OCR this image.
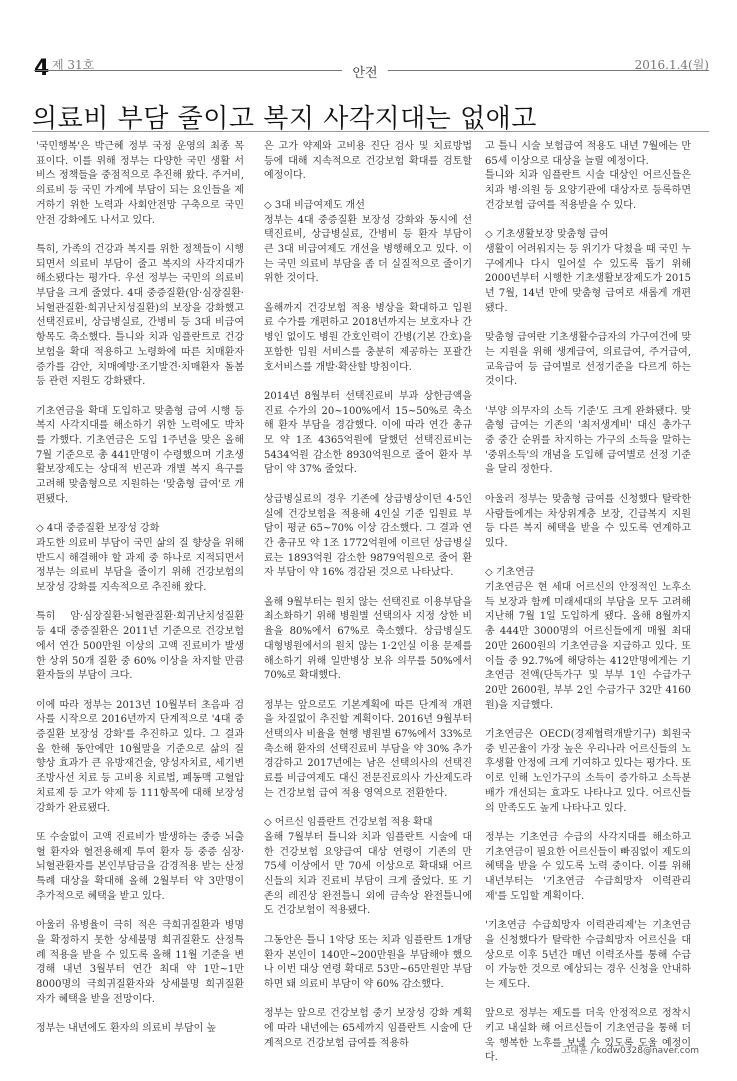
4 제 31호	2016.1.4(월)
안전
의료비 부담 줄이고 복지 사각지대는 없애고

'국민행복'은 박근혜 정부 국정 운영의 최종 목표이다. 이를 위해 정부는 다양한 국민 생활 서비스 정책들을 중점적으로 추진해 왔다. 주거비, 의료비 등 국민 가계에 부담이 되는 요인들을 제거하기 위한 노력과 사회안전망 구축으로 국민안전 강화에도 나서고 있다.

특히, 가족의 건강과 복지를 위한 정책들이 시행되면서 의료비 부담이 줄고 복지의 사각지대가 해소됐다는 평가다. 우선 정부는 국민의 의료비 부담을 크게 줄였다. 4대 중증질환(암·심장질환·뇌혈관질환·희귀난치성질환)의 보장을 강화했고 선택진료비, 상급병실료, 간병비 등 3대 비급여 항목도 축소했다. 틀니와 치과 임플란트로 건강보험을 확대 적용하고 노령화에 따른 치매환자 증가를 감안, 치매예방·조기발견·치매환자 돌봄 등 관련 지원도 강화됐다.

기초연금을 확대 도입하고 맞춤형 급여 시행 등 복지 사각지대를 해소하기 위한 노력에도 박차를 가했다. 기초연금은 도입 1주년을 맞은 올해 7월 기준으로 총 441만명이 수령했으며 기초생활보장제도는 상대적 빈곤과 개별 복지 욕구를 고려해 맞춤형으로 지원하는 '맞춤형 급여'로 개편됐다.

◇ 4대 중증질환 보장성 강화

과도한 의료비 부담이 국민 삶의 질 향상을 위해 반드시 해결해야 할 과제 중 하나로 지적되면서 정부는 의료비 부담을 줄이기 위해 건강보험의 보장성 강화를 지속적으로 추진해 왔다.

특히 암·심장질환·뇌혈관질환·희귀난치성질환 등 4대 중증질환은 2011년 기준으로 건강보험에서 연간 500만원 이상의 고액 진료비가 발생한 상위 50개 질환 중 60% 이상을 차지할 만큼 환자들의 부담이 크다.

이에 따라 정부는 2013년 10월부터 초음파 검사를 시작으로 2016년까지 단계적으로 '4대 중증질환 보장성 강화'를 추진하고 있다. 그 결과 올 한해 동안에만 10월말을 기준으로 삶의 질 향상 효과가 큰 유방재건술, 양성자치료, 세기변조방사선 치료 등 고비용 치료법, 폐동맥 고혈압 치료제 등 고가 약제 등 111항목에 대해 보장성 강화가 완료됐다.

또 수술없이 고액 진료비가 발생하는 중증 뇌출혈 환자와 혈전용해제 투여 환자 등 중증 심장·뇌혈관환자를 본인부담금을 감경적용 받는 산정특례 대상을 확대해 올해 2월부터 약 3만명이 추가적으로 혜택을 받고 있다.

아울러 유병율이 극히 적은 극희귀질환과 병명을 확정하지 못한 상세불명 희귀질환도 산정특례 적용을 받을 수 있도록 올해 11월 기준을 변경해 내년 3월부터 연간 최대 약 1만~1만 8000명의 극희귀질환자와 상세불명 희귀질환자가 혜택을 받을 전망이다.

정부는 내년에도 환자의 의료비 부담이 높

은 고가 약제와 고비용 진단 검사 및 치료방법 등에 대해 지속적으로 건강보험 확대를 검토할 예정이다.

◇ 3대 비급여제도 개선

정부는 4대 중증질환 보장성 강화와 동시에 선택진료비, 상급병실료, 간병비 등 환자 부담이 큰 3대 비급여제도 개선을 병행해오고 있다. 이는 국민 의료비 부담을 좀 더 실질적으로 줄이기 위한 것이다.

올해까지 건강보험 적용 병상을 확대하고 입원료 수가를 개편하고 2018년까지는 보호자나 간병인 없이도 병원 간호인력이 간병(기본 간호)을 포함한 입원 서비스를 충분히 제공하는 포괄간호서비스를 개발·확산할 방침이다.

2014년 8월부터 선택진료비 부과 상한금액을 진료 수가의 20~100%에서 15~50%로 축소해 환자 부담을 경감했다. 이에 따라 연간 총규모 약 1조 4365억원에 달했던 선택진료비는 5434억원 감소한 8930억원으로 줄어 환자 부담이 약 37% 줄었다.

상급병실료의 경우 기존에 상급병상이던 4·5인실에 건강보험을 적용해 4인실 기준 입원료 부담이 평균 65~70% 이상 감소했다. 그 결과 연간 총규모 약 1조 1772억원에 이르던 상급병실료는 1893억원 감소한 9879억원으로 줄어 환자 부담이 약 16% 경감된 것으로 나타났다.

올해 9월부터는 원치 않는 선택진료 이용부담을 최소화하기 위해 병원별 선택의사 지정 상한 비율을 80%에서 67%로 축소했다. 상급병실도 대형병원에서의 원치 않는 1·2인실 이용 문제를 해소하기 위해 일반병상 보유 의무를 50%에서 70%로 확대했다.

정부는 앞으로도 기본계획에 따른 단계적 개편을 차질없이 추진할 계획이다. 2016년 9월부터 선택의사 비율을 현행 병원별 67%에서 33%로 축소해 환자의 선택진료비 부담을 약 30% 추가 경감하고 2017년에는 남은 선택의사의 선택진료를 비급여제도 대신 전문진료의사 가산제도라는 건강보험 급여 적용 영역으로 전환한다.

◇ 어르신 임플란트 건강보험 적용 확대

올해 7월부터 틀니와 치과 임플란트 시술에 대한 건강보험 요양급여 대상 연령이 기존의 만 75세 이상에서 만 70세 이상으로 확대돼 어르신들의 치과 진료비 부담이 크게 줄었다. 또 기존의 레진상 완전틀니 외에 금속상 완전틀니에도 건강보험이 적용됐다.

그동안은 틀니 1악당 또는 치과 임플란트 1개당 환자 본인이 140만~200만원을 부담해야 했으나 이번 대상 연령 확대로 53만~65만원만 부담하면 돼 의료비 부담이 약 60% 감소했다.

정부는 앞으로 건강보험 중기 보장성 강화 계획에 따라 내년에는 65세까지 임플란트 시술에 단계적으로 건강보험 급여를 적용하

고 틀니 시술 보험급여 적용도 내년 7월에는 만 65세 이상으로 대상을 늘릴 예정이다.

틀니와 치과 임플란트 시술 대상인 어르신들은 치과 병·의원 등 요양기관에 대상자로 등록하면 건강보험 급여를 적용받을 수 있다.

◇ 기초생활보장 맞춤형 급여

생활이 어려워지는 등 위기가 닥쳤을 때 국민 누구에게나 다시 일어설 수 있도록 돕기 위해 2000년부터 시행한 기초생활보장제도가 2015년 7월, 14년 만에 맞춤형 급여로 새롭게 개편됐다.

맞춤형 급여란 기초생활수급자의 가구여건에 맞는 지원을 위해 생계급여, 의료급여, 주거급여, 교육급여 등 급여별로 선정기준을 다르게 하는 것이다.

'부양 의무자의 소득 기준'도 크게 완화됐다. 맞춤형 급여는 기존의 '최저생계비' 대신 총가구 중 중간 순위를 차지하는 가구의 소득을 말하는 '중위소득'의 개념을 도입해 급여별로 선정 기준을 달리 정한다.

아울러 정부는 맞춤형 급여를 신청했다 탈락한 사람들에게는 차상위계층 보장, 긴급복지 지원 등 다른 복지 혜택을 받을 수 있도록 연계하고 있다.

◇ 기초연금

기초연금은 현 세대 어르신의 안정적인 노후소득 보장과 함께 미래세대의 부담을 모두 고려해 지난해 7월 1일 도입하게 됐다. 올해 8월까지 총 444만 3000명의 어르신들에게 매월 최대 20만 2600원의 기초연금을 지급하고 있다. 또 이들 중 92.7%에 해당하는 412만명에게는 기초연금 전액(단독가구 및 부부 1인 수급가구 20만 2600원, 부부 2인 수급가구 32만 4160원)을 지급했다.

기초연금은 OECD(경제협력개발기구) 회원국 중 빈곤율이 가장 높은 우리나라 어르신들의 노후생활 안정에 크게 기여하고 있다는 평가다. 또 이로 인해 노인가구의 소득이 증가하고 소득분배가 개선되는 효과도 나타나고 있다. 어르신들의 만족도도 높게 나타나고 있다.

정부는 기초연금 수급의 사각지대를 해소하고 기초연금이 필요한 어르신들이 빠짐없이 제도의 혜택을 받을 수 있도록 노력 중이다. 이를 위해 내년부터는 '기초연금 수급희망자 이력관리제'를 도입할 계획이다.

'기초연금 수급희망자 이력관리제'는 기초연금을 신청했다가 탈락한 수급희망자 어르신을 대상으로 이후 5년간 매년 이력조사를 통해 수급이 가능한 것으로 예상되는 경우 신청을 안내하는 제도다.

앞으로 정부는 제도를 더욱 안정적으로 정착시키고 내실화 해 어르신들이 기초연금을 통해 더욱 행복한 노후를 보낼 수 있도록 도울 예정이다.

고대훈 / kodw0328@naver.com
